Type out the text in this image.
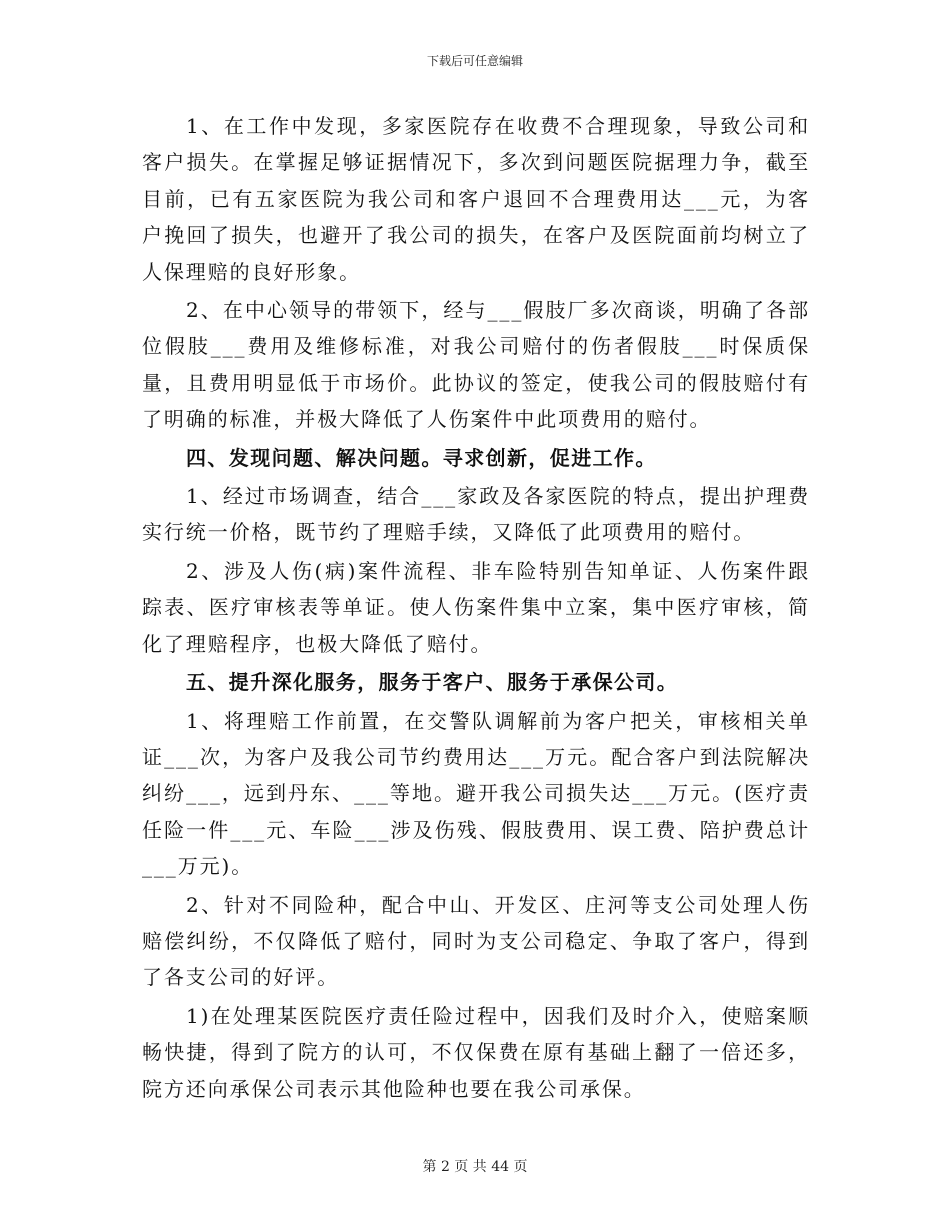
下载后可任意编辑

1、在工作中发现，多家医院存在收费不合理现象，导致公司和客户损失。在掌握足够证据情况下，多次到问题医院据理力争，截至目前，已有五家医院为我公司和客户退回不合理费用达___元，为客户挽回了损失，也避开了我公司的损失，在客户及医院面前均树立了人保理赔的良好形象。

2、在中心领导的带领下，经与___假肢厂多次商谈，明确了各部位假肢___费用及维修标准，对我公司赔付的伤者假肢___时保质保量，且费用明显低于市场价。此协议的签定，使我公司的假肢赔付有了明确的标准，并极大降低了人伤案件中此项费用的赔付。

四、发现问题、解决问题。寻求创新，促进工作。

1、经过市场调查，结合___家政及各家医院的特点，提出护理费实行统一价格，既节约了理赔手续，又降低了此项费用的赔付。

2、涉及人伤(病)案件流程、非车险特别告知单证、人伤案件跟踪表、医疗审核表等单证。使人伤案件集中立案，集中医疗审核，简化了理赔程序，也极大降低了赔付。

五、提升深化服务，服务于客户、服务于承保公司。

1、将理赔工作前置，在交警队调解前为客户把关，审核相关单证___次，为客户及我公司节约费用达___万元。配合客户到法院解决纠纷___，远到丹东、___等地。避开我公司损失达___万元。(医疗责任险一件___元、车险___涉及伤残、假肢费用、误工费、陪护费总计___万元)。

2、针对不同险种，配合中山、开发区、庄河等支公司处理人伤赔偿纠纷，不仅降低了赔付，同时为支公司稳定、争取了客户，得到了各支公司的好评。

1)在处理某医院医疗责任险过程中，因我们及时介入，使赔案顺畅快捷，得到了院方的认可，不仅保费在原有基础上翻了一倍还多，院方还向承保公司表示其他险种也要在我公司承保。

第 2 页 共 44 页
